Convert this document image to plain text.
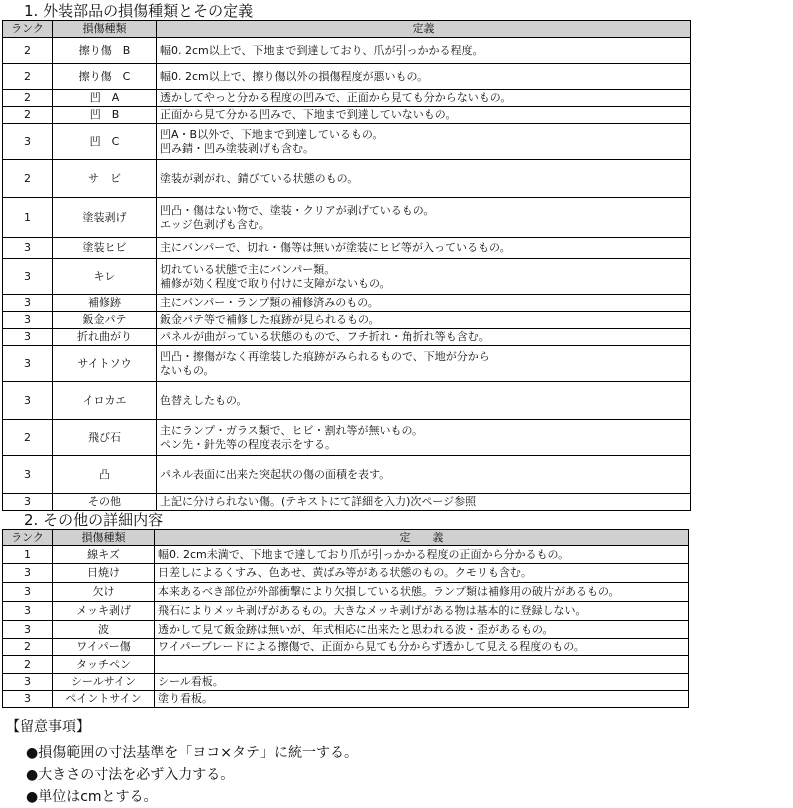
1. 外装部品の損傷種類とその定義
ランク	損傷種類	定義
2	擦り傷　B	幅0. 2cm以上で、下地まで到達しており、爪が引っかかる程度。
2	擦り傷　C	幅0. 2cm以上で、擦り傷以外の損傷程度が悪いもの。
2	凹　A	透かしてやっと分かる程度の凹みで、正面から見ても分からないもの。
2	凹　B	正面から見て分かる凹みで、下地まで到達していないもの。
3	凹　C	凹A・B以外で、下地まで到達しているもの。
凹み錆・凹み塗装剥げも含む。
2	サ　ビ	塗装が剥がれ、錆びている状態のもの。
1	塗装剥げ	凹凸・傷はない物で、塗装・クリアが剥げているもの。
エッジ色剥げも含む。
3	塗装ヒビ	主にバンパーで、切れ・傷等は無いが塗装にヒビ等が入っているもの。
3	キレ	切れている状態で主にバンパー類。
補修が効く程度で取り付けに支障がないもの。
3	補修跡	主にバンパー・ランプ類の補修済みのもの。
3	鈑金パテ	鈑金パテ等で補修した痕跡が見られるもの。
3	折れ曲がり	パネルが曲がっている状態のもので、フチ折れ・角折れ等も含む。
3	サイトソウ	凹凸・擦傷がなく再塗装した痕跡がみられるもので、下地が分から
ないもの。
3	イロカエ	色替えしたもの。
2	飛び石	主にランプ・ガラス類で、ヒビ・割れ等が無いもの。
ペン先・針先等の程度表示をする。
3	凸	パネル表面に出来た突起状の傷の面積を表す。
3	その他	上記に分けられない傷。(テキストにて詳細を入力)次ページ参照
2. その他の詳細内容
ランク	損傷種類	定　　義
1	線キズ	幅0. 2cm未満で、下地まで達しており爪が引っかかる程度の正面から分かるもの。
3	日焼け	日差しによるくすみ、色あせ、黄ばみ等がある状態のもの。クモリも含む。
3	欠け	本来あるべき部位が外部衝撃により欠損している状態。ランプ類は補修用の破片があるもの。
3	メッキ剥げ	飛石によりメッキ剥げがあるもの。大きなメッキ剥げがある物は基本的に登録しない。
3	波	透かして見て鈑金跡は無いが、年式相応に出来たと思われる波・歪があるもの。
2	ワイパー傷	ワイパーブレードによる擦傷で、正面から見ても分からず透かして見える程度のもの。
2	タッチペン	
3	シールサイン	シール看板。
3	ペイントサイン	塗り看板。
【留意事項】
●損傷範囲の寸法基準を「ヨコ×タテ」に統一する。
●大きさの寸法を必ず入力する。
●単位はcmとする。
